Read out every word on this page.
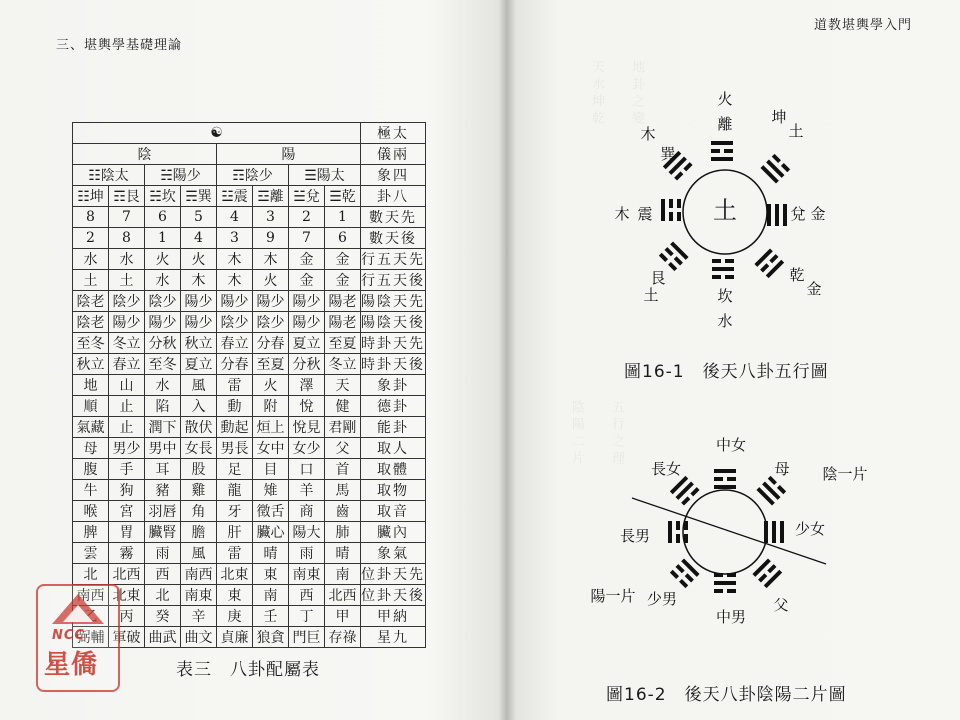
三、堪輿學基礎理論
☯								極太
陰				陽				儀兩
☷陰太		☵陽少		☶陰少		☰陽太		象四
☷坤	☶艮	☵坎	☴巽	☳震	☲離	☱兌	☰乾	卦八
8	7	6	5	4	3	2	1	數天先
2	8	1	4	3	9	7	6	數天後
水	水	火	火	木	木	金	金	行五天先
土	土	水	木	木	火	金	金	行五天後
陰老	陰少	陰少	陽少	陽少	陽少	陽少	陽老	陽陰天先
陰老	陽少	陽少	陽少	陰少	陰少	陽少	陽老	陽陰天後
至冬	冬立	分秋	秋立	春立	分春	夏立	至夏	時卦天先
秋立	春立	至冬	夏立	分春	至夏	分秋	冬立	時卦天後
地	山	水	風	雷	火	澤	天	象卦
順	止	陷	入	動	附	悅	健	德卦
氣藏	止	潤下	散伏	動起	烜上	悅見	君剛	能卦
母	男少	男中	女長	男長	女中	女少	父	取人
腹	手	耳	股	足	目	口	首	取體
牛	狗	豬	雞	龍	雉	羊	馬	取物
喉	宮	羽唇	角	牙	徵舌	商	齒	取音
脾	胃	臟腎	膽	肝	臟心	陽大	肺	臟內
雲	霧	雨	風	雷	晴	雨	晴	象氣
北	北西	西	南西	北東	東	南東	南	位卦天先
南西	北東	北	南東	東	南	西	北西	位卦天後
乙	丙	癸	辛	庚	壬	丁	甲	甲納
弼輔	軍破	曲武	曲文	貞廉	狼貪	門巨	存祿	星九
表三　八卦配屬表
天水坤乾	地卦之變
陰陽二片	五行之理
道教堪輿學入門
土
火
離	坤
土
兌 金
乾
金
坎
水
艮
土
震
木
巽
木
中女
長女	母 陰一片
少女
長男
陽一片 少男
中男
父
圖16-1　後天八卦五行圖
圖16-2　後天八卦陰陽二片圖
NCC
星僑
